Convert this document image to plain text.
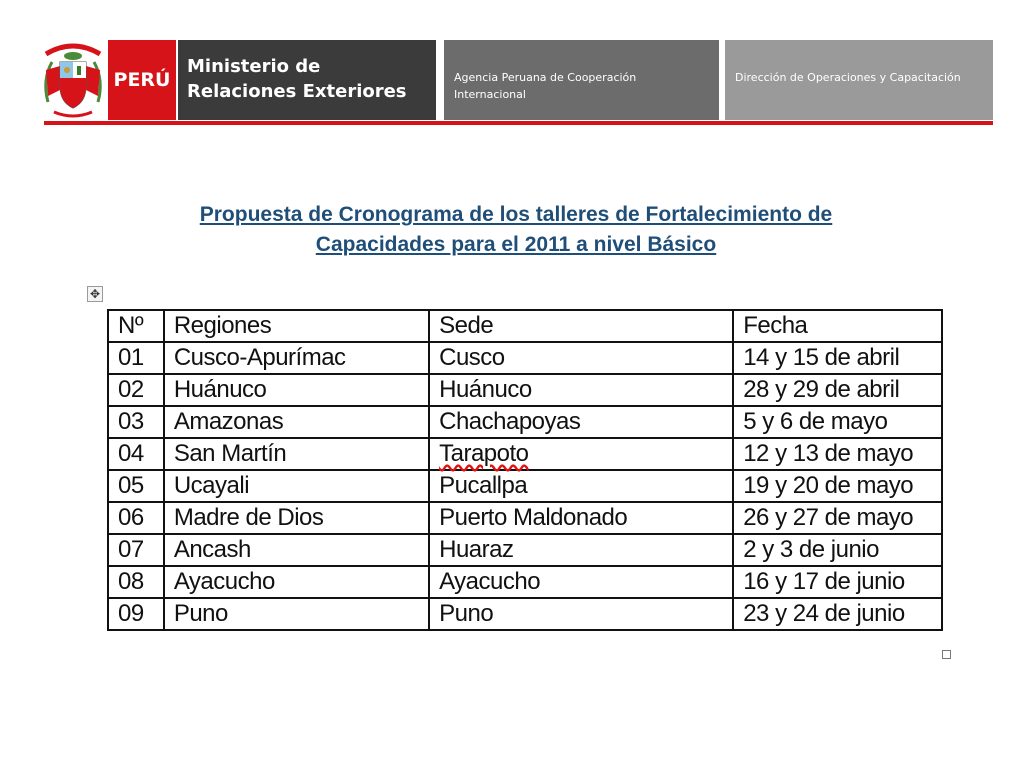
PERÚ
Ministerio de
Relaciones Exteriores
Agencia Peruana de Cooperación
Internacional
Dirección de Operaciones y Capacitación
Propuesta de Cronograma de los talleres de Fortalecimiento de
Capacidades para el 2011 a nivel Básico
✥
Nº	Regiones	Sede	Fecha
01	Cusco-Apurímac	Cusco	14 y 15 de abril
02	Huánuco	Huánuco	28 y 29 de abril
03	Amazonas	Chachapoyas	5 y 6 de mayo
04	San Martín	Tarapoto	12 y 13 de mayo
05	Ucayali	Pucallpa	19 y 20 de mayo
06	Madre de Dios	Puerto Maldonado	26 y 27 de mayo
07	Ancash	Huaraz	2 y 3 de junio
08	Ayacucho	Ayacucho	16 y 17 de junio
09	Puno	Puno	23 y 24 de junio
